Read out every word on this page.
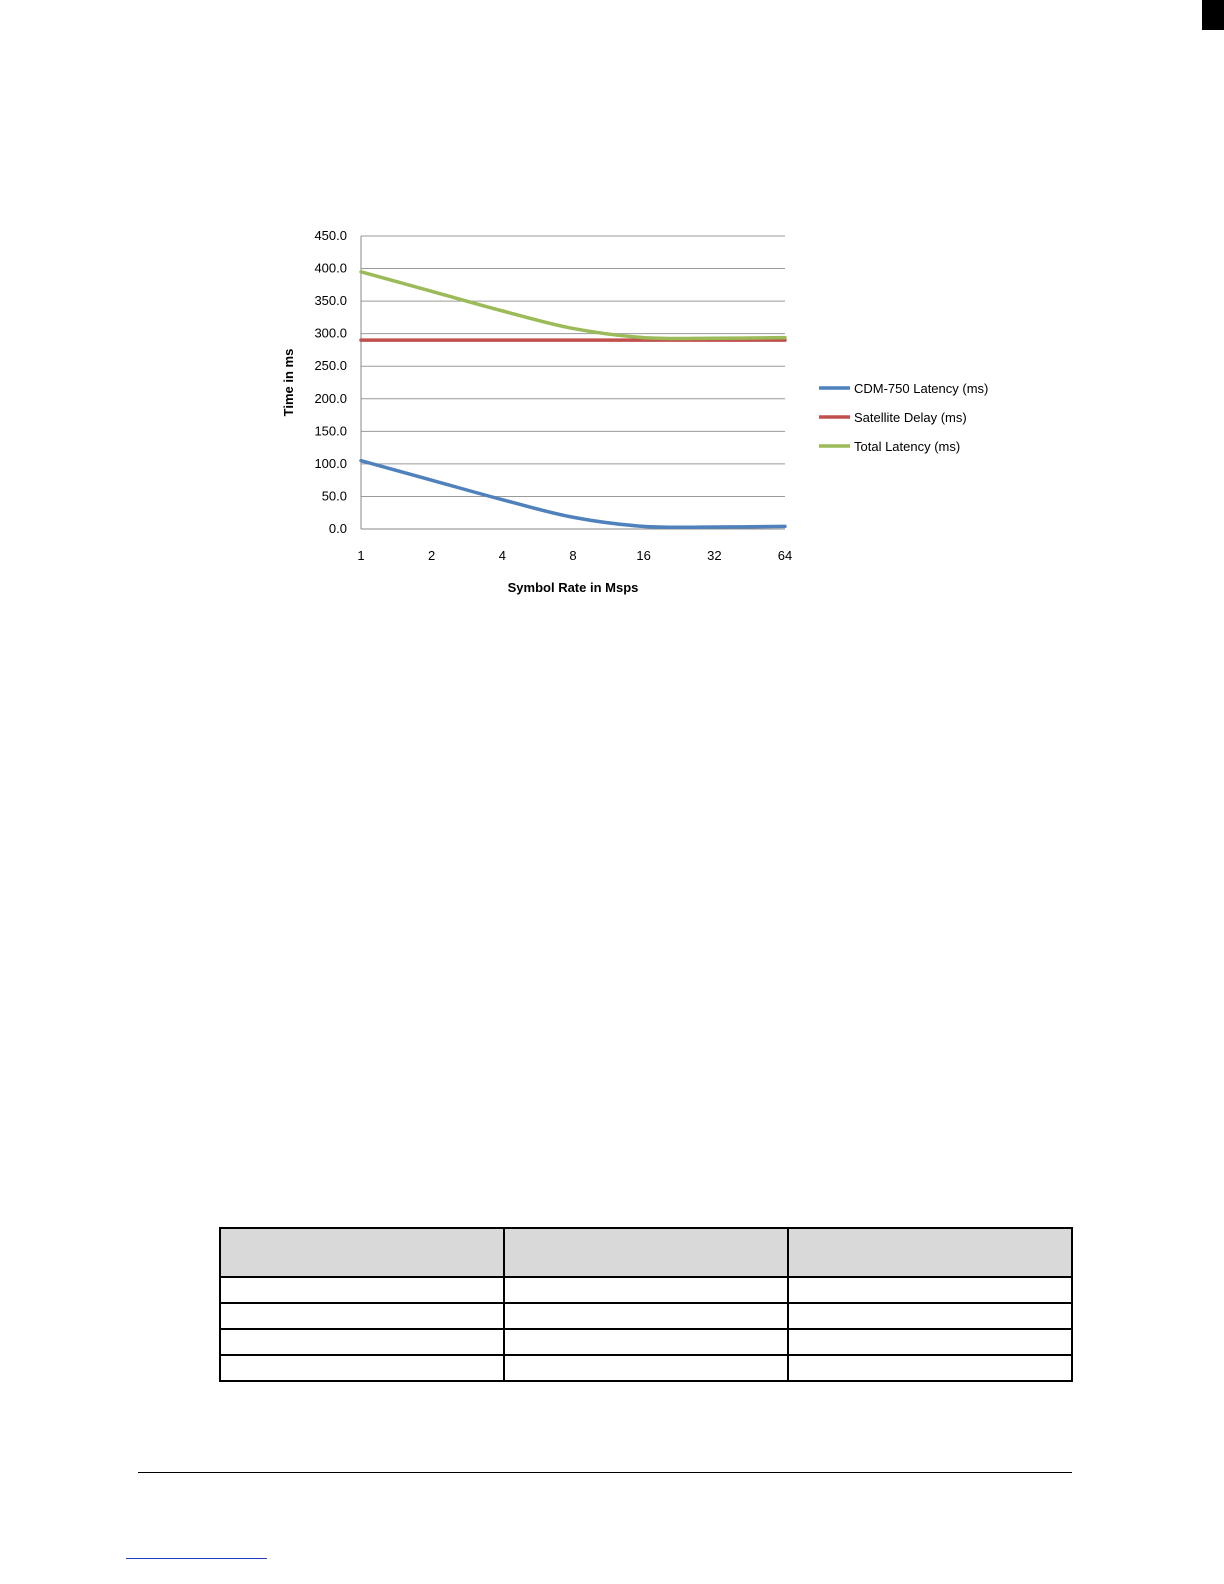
0.0
50.0
100.0
150.0
200.0
250.0
300.0
350.0
400.0
450.0
1	2	4	8	16	32	64
Time in ms
Symbol Rate in Msps
CDM-750 Latency (ms)
Satellite Delay (ms)
Total Latency (ms)
